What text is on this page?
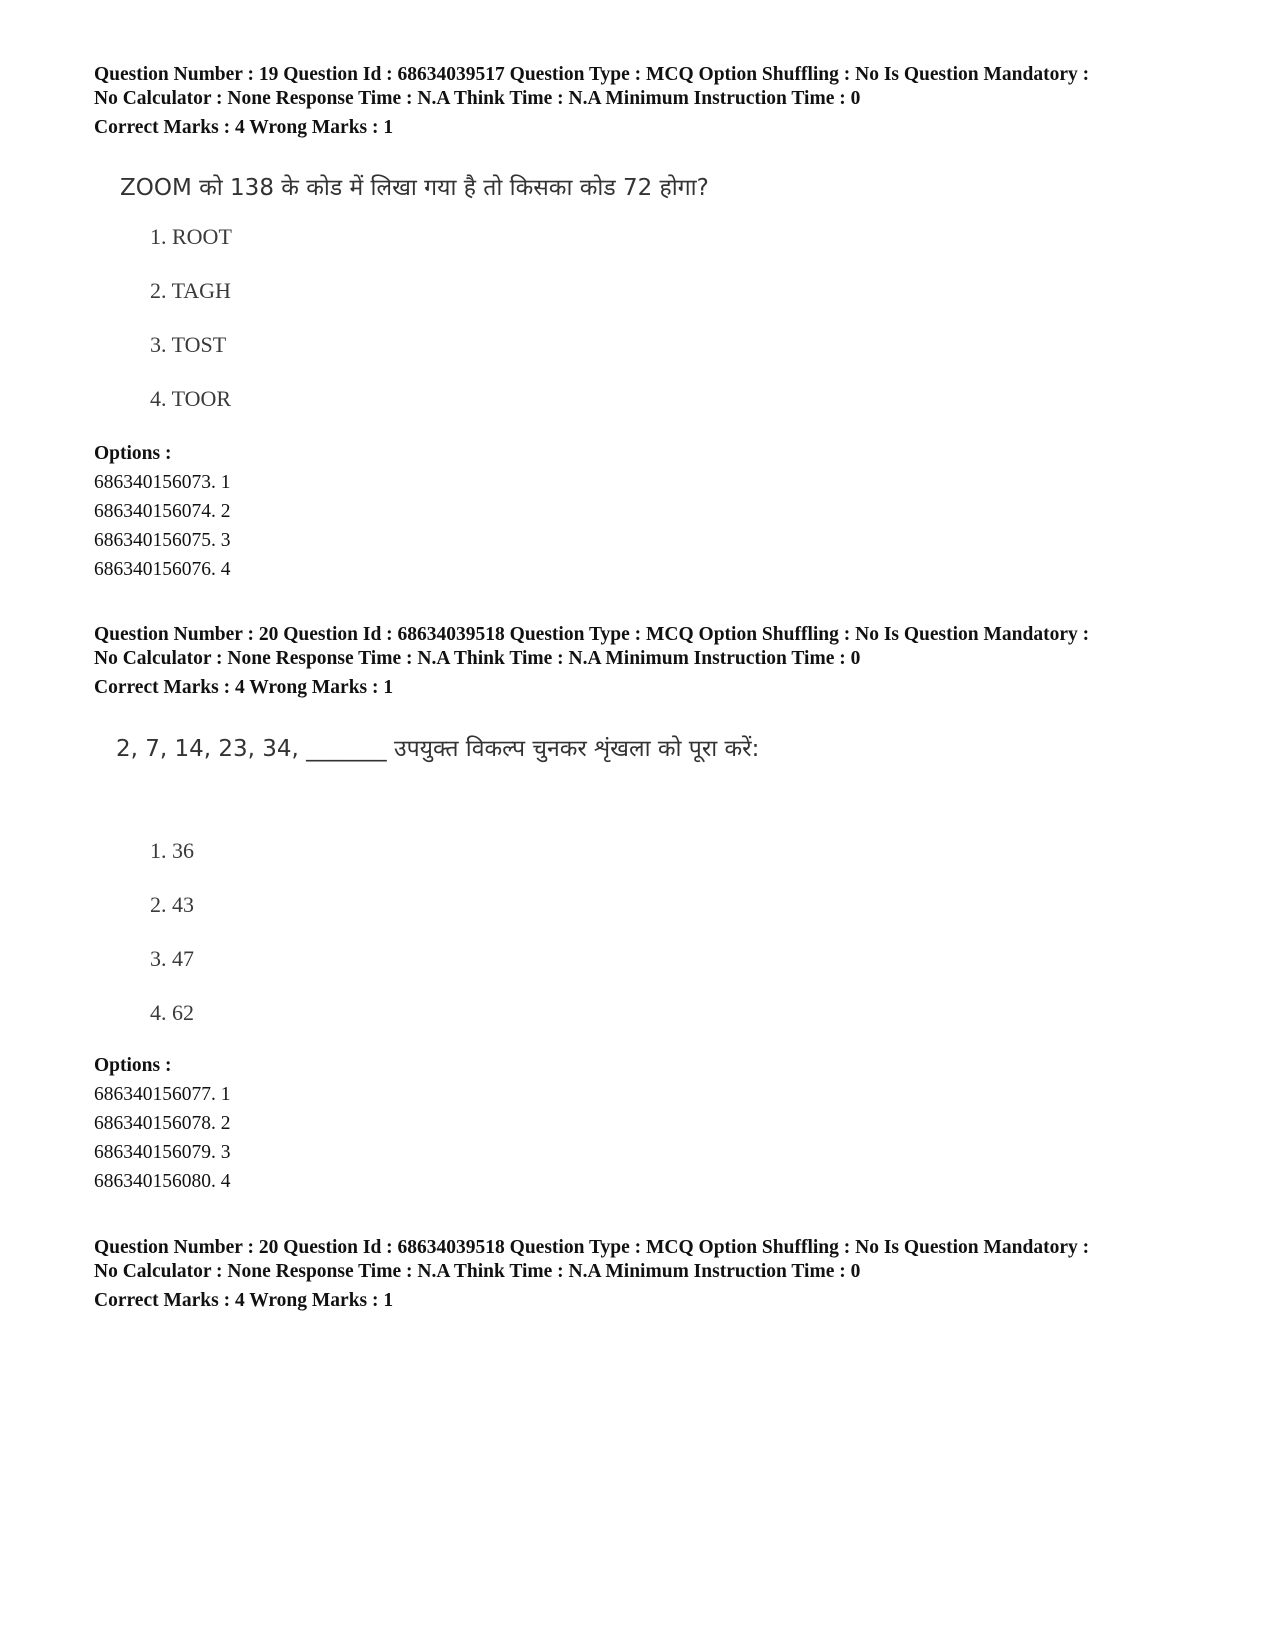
Question Number : 19 Question Id : 68634039517 Question Type : MCQ Option Shuffling : No Is Question Mandatory :
No Calculator : None Response Time : N.A Think Time : N.A Minimum Instruction Time : 0
Correct Marks : 4 Wrong Marks : 1
ZOOM को 138 के कोड में लिखा गया है तो किसका कोड 72 होगा?
1. ROOT
2. TAGH
3. TOST
4. TOOR
Options :
686340156073. 1
686340156074. 2
686340156075. 3
686340156076. 4
Question Number : 20 Question Id : 68634039518 Question Type : MCQ Option Shuffling : No Is Question Mandatory :
No Calculator : None Response Time : N.A Think Time : N.A Minimum Instruction Time : 0
Correct Marks : 4 Wrong Marks : 1
2, 7, 14, 23, 34, _______ उपयुक्त विकल्प चुनकर शृंखला को पूरा करें:
1. 36
2. 43
3. 47
4. 62
Options :
686340156077. 1
686340156078. 2
686340156079. 3
686340156080. 4
Question Number : 20 Question Id : 68634039518 Question Type : MCQ Option Shuffling : No Is Question Mandatory :
No Calculator : None Response Time : N.A Think Time : N.A Minimum Instruction Time : 0
Correct Marks : 4 Wrong Marks : 1
